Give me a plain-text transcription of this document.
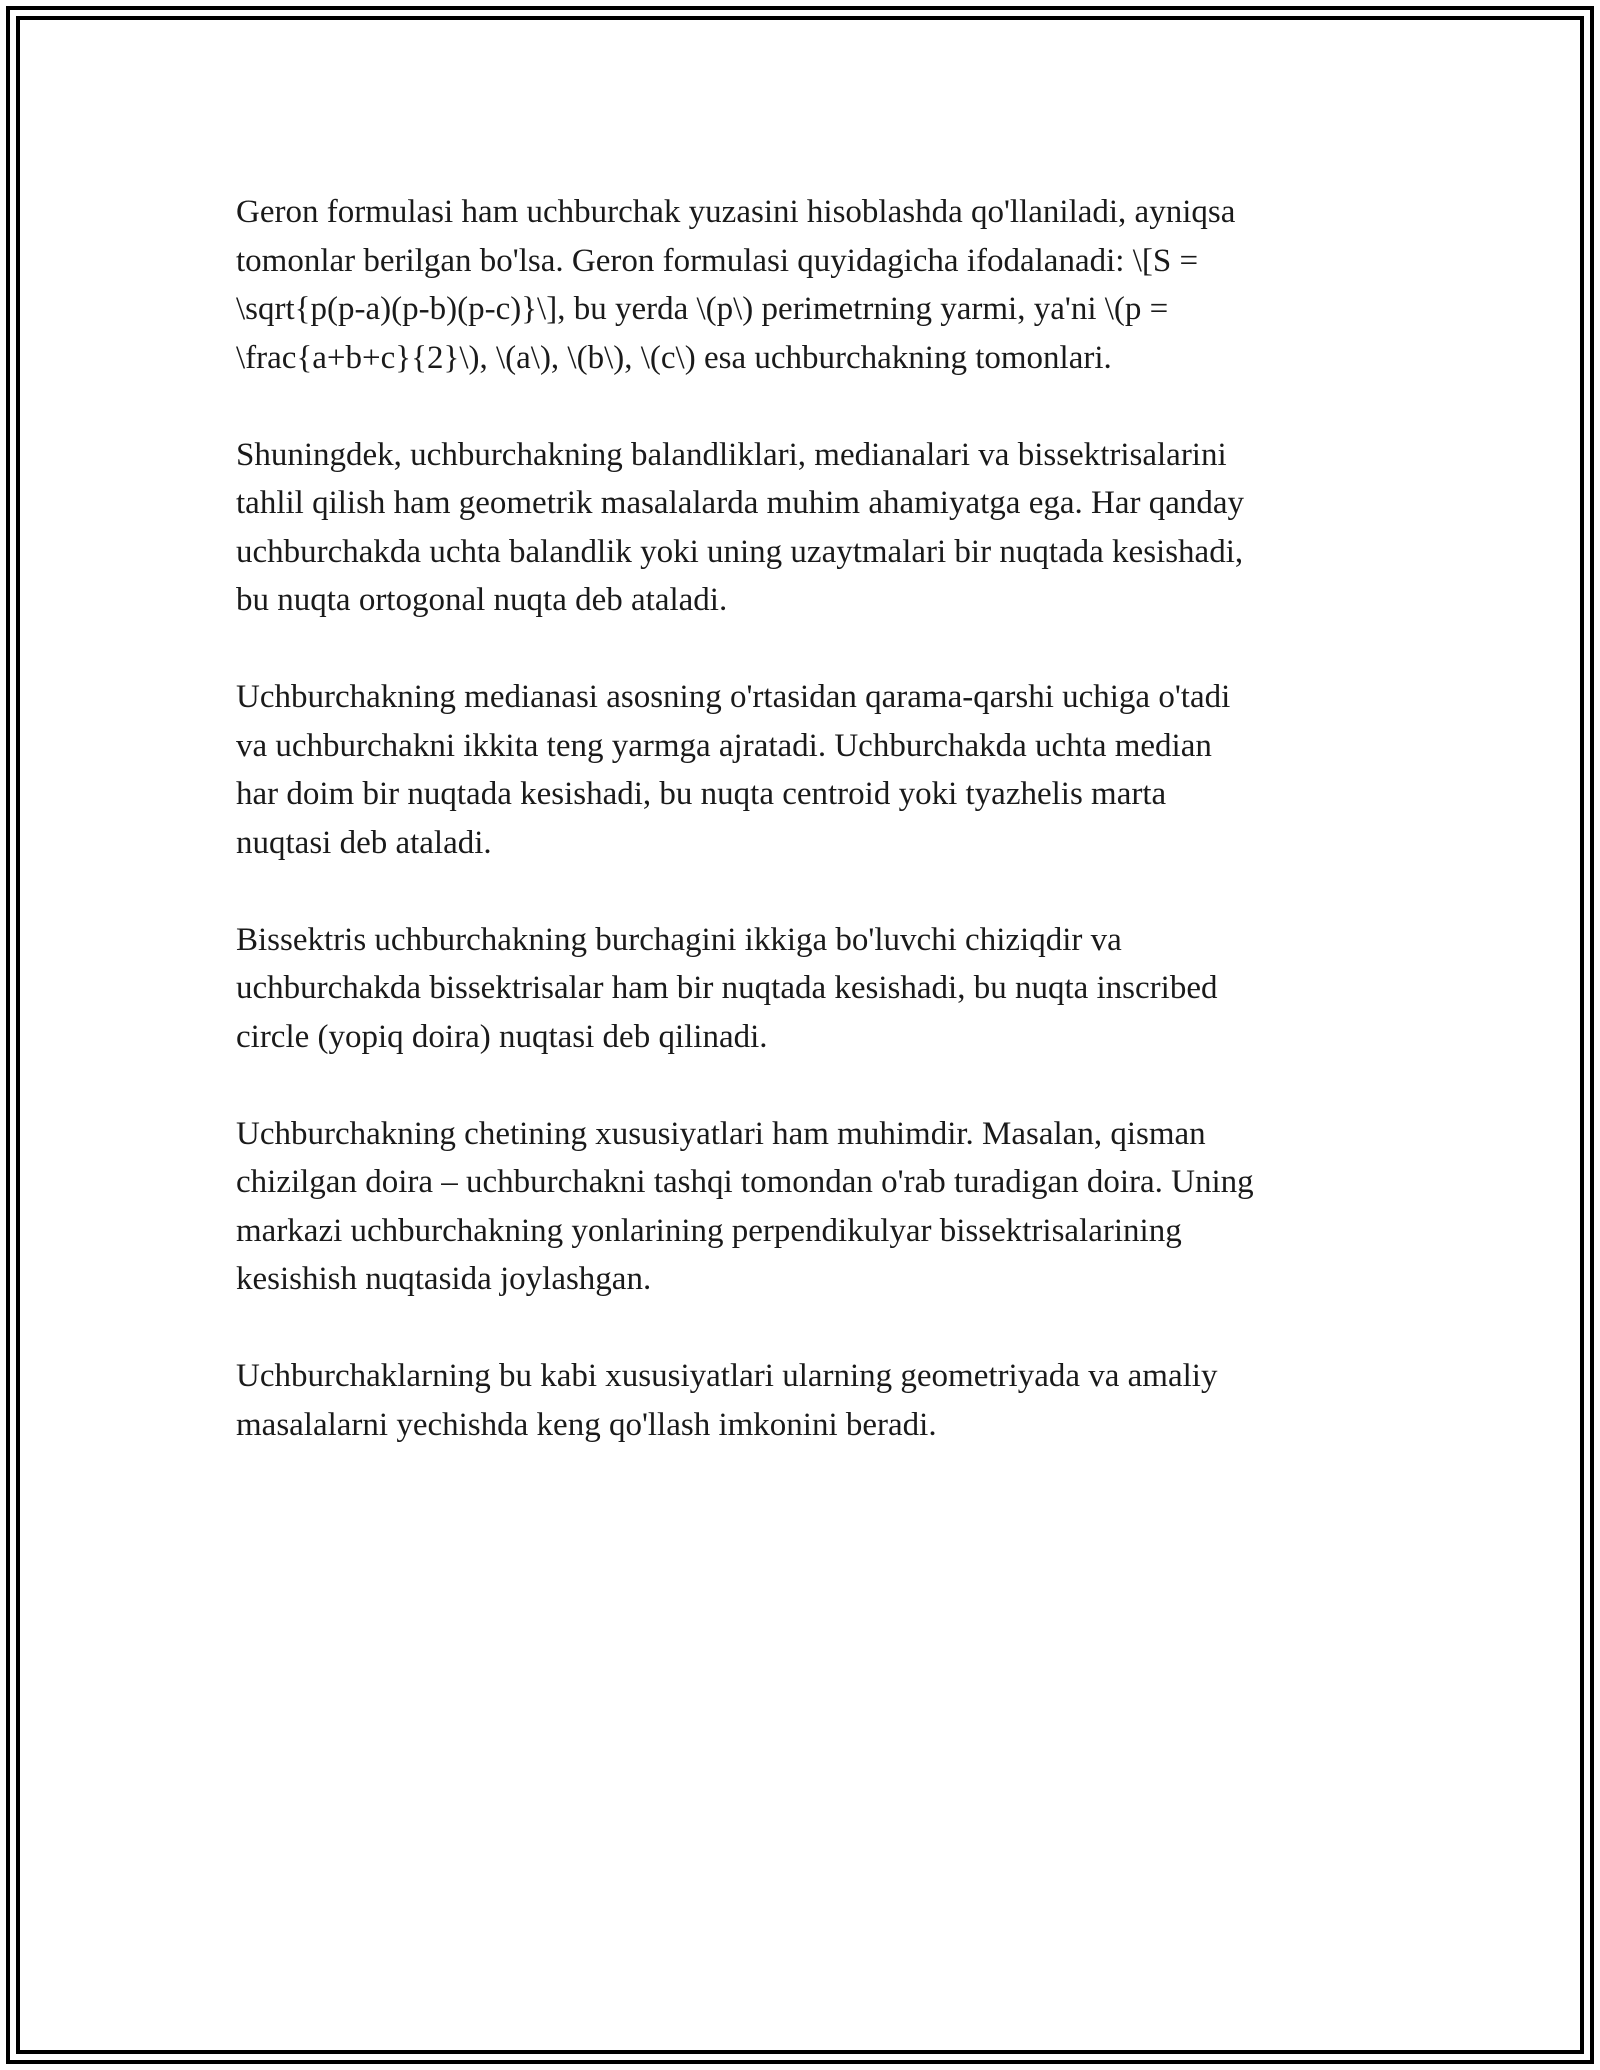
Geron formulasi ham uchburchak yuzasini hisoblashda qo'llaniladi, ayniqsa
tomonlar berilgan bo'lsa. Geron formulasi quyidagicha ifodalanadi: \[S =
\sqrt{p(p-a)(p-b)(p-c)}\], bu yerda \(p\) perimetrning yarmi, ya'ni \(p =
\frac{a+b+c}{2}\), \(a\), \(b\), \(c\) esa uchburchakning tomonlari.

Shuningdek, uchburchakning balandliklari, medianalari va bissektrisalarini
tahlil qilish ham geometrik masalalarda muhim ahamiyatga ega. Har qanday
uchburchakda uchta balandlik yoki uning uzaytmalari bir nuqtada kesishadi,
bu nuqta ortogonal nuqta deb ataladi.

Uchburchakning medianasi asosning o'rtasidan qarama-qarshi uchiga o'tadi
va uchburchakni ikkita teng yarmga ajratadi. Uchburchakda uchta median
har doim bir nuqtada kesishadi, bu nuqta centroid yoki tyazhelis marta
nuqtasi deb ataladi.

Bissektris uchburchakning burchagini ikkiga bo'luvchi chiziqdir va
uchburchakda bissektrisalar ham bir nuqtada kesishadi, bu nuqta inscribed
circle (yopiq doira) nuqtasi deb qilinadi.

Uchburchakning chetining xususiyatlari ham muhimdir. Masalan, qisman
chizilgan doira – uchburchakni tashqi tomondan o'rab turadigan doira. Uning
markazi uchburchakning yonlarining perpendikulyar bissektrisalarining
kesishish nuqtasida joylashgan.

Uchburchaklarning bu kabi xususiyatlari ularning geometriyada va amaliy
masalalarni yechishda keng qo'llash imkonini beradi.
